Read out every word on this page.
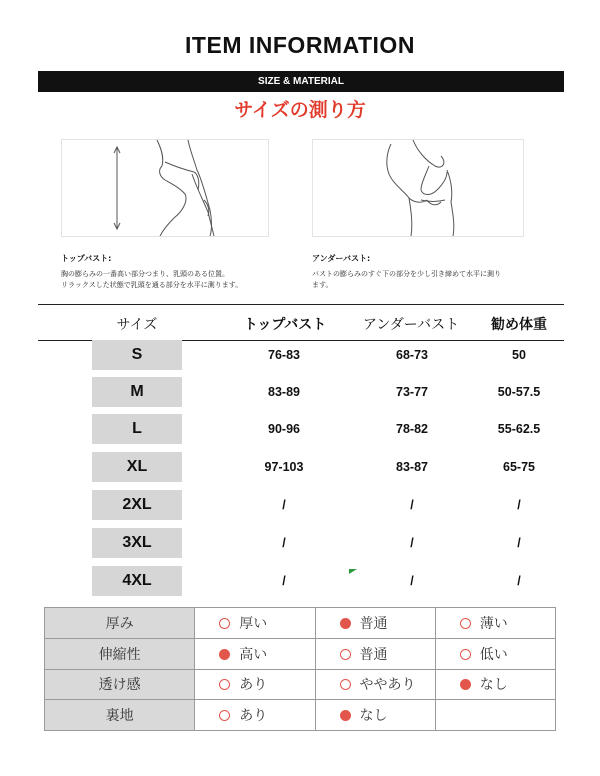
ITEM INFORMATION
SIZE & MATERIAL
サイズの測り方
トップバスト:
胸の膨らみの一番高い部分つまり、乳頭のある位置。
リラックスした状態で乳頭を通る部分を水平に測ります。
アンダーバスト:
バストの膨らみのすぐ下の部分を少し引き締めて水平に測り
ます。
サイズ	トップバスト	アンダーバスト	勧め体重
S	76-83	68-73	50
M	83-89	73-77	50-57.5
L	90-96	78-82	55-62.5
XL	97-103	83-87	65-75
2XL	/	/	/
3XL	/	/	/
4XL	/	/	/
厚み	厚い	普通	薄い
伸縮性	高い	普通	低い
透け感	あり	ややあり	なし
裏地	あり	なし	
